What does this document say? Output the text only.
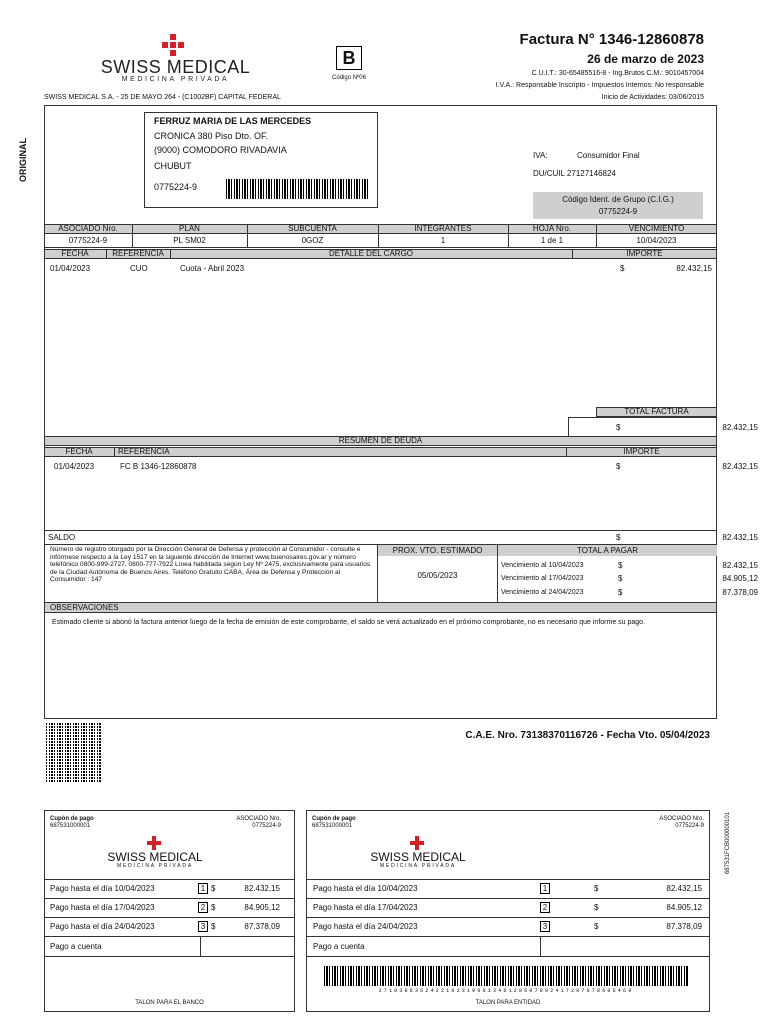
SWISS MEDICAL
MEDICINA PRIVADA
SWISS MEDICAL S.A. - 25 DE MAYO 264 - (C1002BF) CAPITAL FEDERAL
B
Código Nº06
Factura N° 1346-12860878
26 de marzo de 2023
C.U.I.T.: 30-65485516-8 - Ing.Brutos C.M.: 9010457004
I.V.A.: Responsable Inscripto - Impuestos Internos: No responsable
Inicio de Actividades: 03/06/2015
ORIGINAL
FERRUZ MARIA DE LAS MERCEDES
CRONICA 380 Piso Dto. OF.
(9000) COMODORO RIVADAVIA
CHUBUT
0775224-9
IVA:	Consumidor Final
DU/CUIL 27127146824
Código Ident. de Grupo (C.I.G.)
0775224-9
ASOCIADO Nro.	PLAN	SUBCUENTA	INTEGRANTES	HOJA Nro.	VENCIMIENTO
0775224-9	PL SM02	0GOZ	1	1 de 1	10/04/2023
FECHA	REFERENCIA	DETALLE DEL CARGO	IMPORTE
01/04/2023	CUO	Cuota - Abril 2023	$	82.432,15
TOTAL FACTURA
$	82.432,15
RESUMEN DE DEUDA
FECHA	REFERENCIA	IMPORTE
01/04/2023	FC B 1346-12860878	$	82.432,15
SALDO	$	82.432,15
Número de registro otorgado por la Dirección General de Defensa y protección al Consumidor - consulte e infórmese respecto a la Ley 1517 en la siguiente dirección de Internet www.buenosaires.gov.ar y número telefónico 0800-999-2727. 0800-777-7922 Línea habilitada según Ley Nº 2475, exclusivamente para usuarios de la Ciudad Autónoma de Buenos Aires. Teléfono Gratuito CABA, Área de Defensa y Protección al Consumidor : 147
PROX. VTO. ESTIMADO
05/05/2023
TOTAL A PAGAR
Vencimiento al 10/04/2023	$	82.432,15
Vencimiento al 17/04/2023	$	84.905,12
Vencimiento al 24/04/2023	$	87.378,09
OBSERVACIONES
Estimado cliente si abonó la factura anterior luego de la fecha de emisión de este comprobante, el saldo se verá actualizado en el próximo comprobante, no es necesario que informe su pago.
C.A.E. Nro. 73138370116726 - Fecha Vto. 05/04/2023
Cupón de pago
687531000001
ASOCIADO Nro.
0775224-9
SWISS MEDICAL
MEDICINA PRIVADA
Pago hasta el día 10/04/2023	1 $	82.432,15
Pago hasta el día 17/04/2023	2 $	84.905,12
Pago hasta el día 24/04/2023	3 $	87.378,09
Pago a cuenta
TALON PARA EL BANCO
Cupón de pago
687531000001
ASOCIADO Nro.
0775224-9
SWISS MEDICAL
MEDICINA PRIVADA
Pago hasta el día 10/04/2023	1	$	82.432,15
Pago hasta el día 17/04/2023	2	$	84.905,12
Pago hasta el día 24/04/2023	3	$	87.378,09
Pago a cuenta
2710388362422102310001346128607802417207078606469
TALON PARA ENTIDAD
687531FCB000000101
